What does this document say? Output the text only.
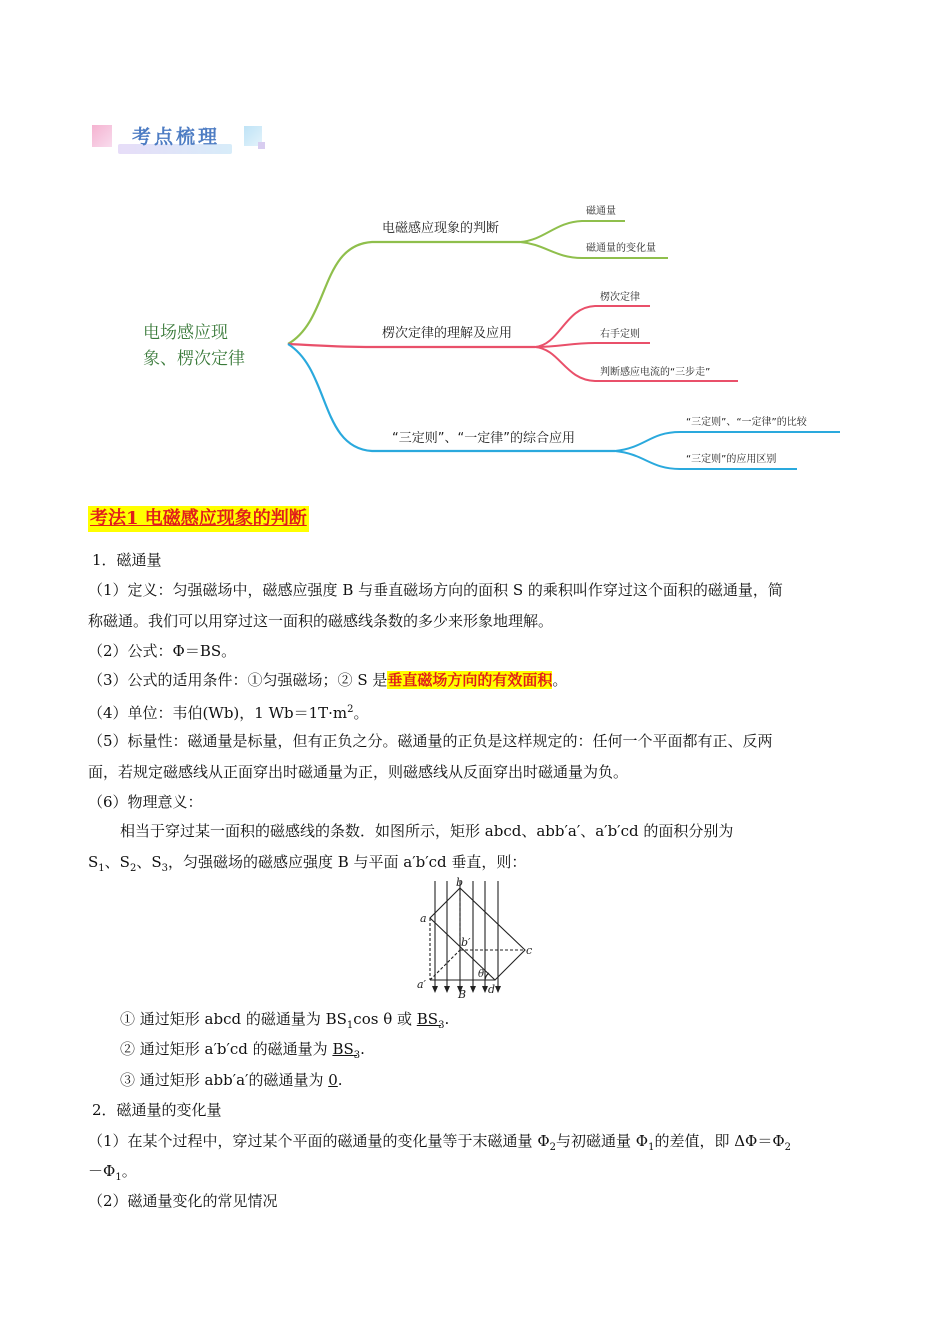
考点梳理
电场感应现
象、楞次定律
电磁感应现象的判断
磁通量
磁通量的变化量
楞次定律的理解及应用
楞次定律
右手定则
判断感应电流的“三步走”
“三定则”、“一定律”的综合应用
“三定则”、“一定律”的比较
“三定则”的应用区别
考法1 电磁感应现象的判断
1．磁通量
（1）定义：匀强磁场中，磁感应强度 B 与垂直磁场方向的面积 S 的乘积叫作穿过这个面积的磁通量，简
称磁通。我们可以用穿过这一面积的磁感线条数的多少来形象地理解。
（2）公式：Φ＝BS。
（3）公式的适用条件：①匀强磁场；② S 是垂直磁场方向的有效面积。
（4）单位：韦伯(Wb)，1 $Wb=1T\cdot m^2$。
（5）标量性：磁通量是标量，但有正负之分。磁通量的正负是这样规定的：任何一个平面都有正、反两
面，若规定磁感线从正面穿出时磁通量为正，则磁感线从反面穿出时磁通量为负。
（6）物理意义：
相当于穿过某一面积的磁感线的条数．如图所示，矩形 abcd、abb′a′、a′b′cd 的面积分别为
$S_1$、$S_2$、$S_3$，匀强磁场的磁感应强度 B 与平面 a′b′cd 垂直，则：
a
b
c
d
a′
b′
B
θ
① 通过矩形 abcd 的磁通量为 $BS_1\cos$ θ 或 $BS_3$.
② 通过矩形 a′b′cd 的磁通量为 $BS_3$.
③ 通过矩形 abb′a′的磁通量为 0.
2．磁通量的变化量
（1）在某个过程中，穿过某个平面的磁通量的变化量等于末磁通量 $\Phi_2$与初磁通量 $\Phi_1$的差值，即 $\Delta\Phi=\Phi_2$
$-\Phi_1$。
（2）磁通量变化的常见情况
